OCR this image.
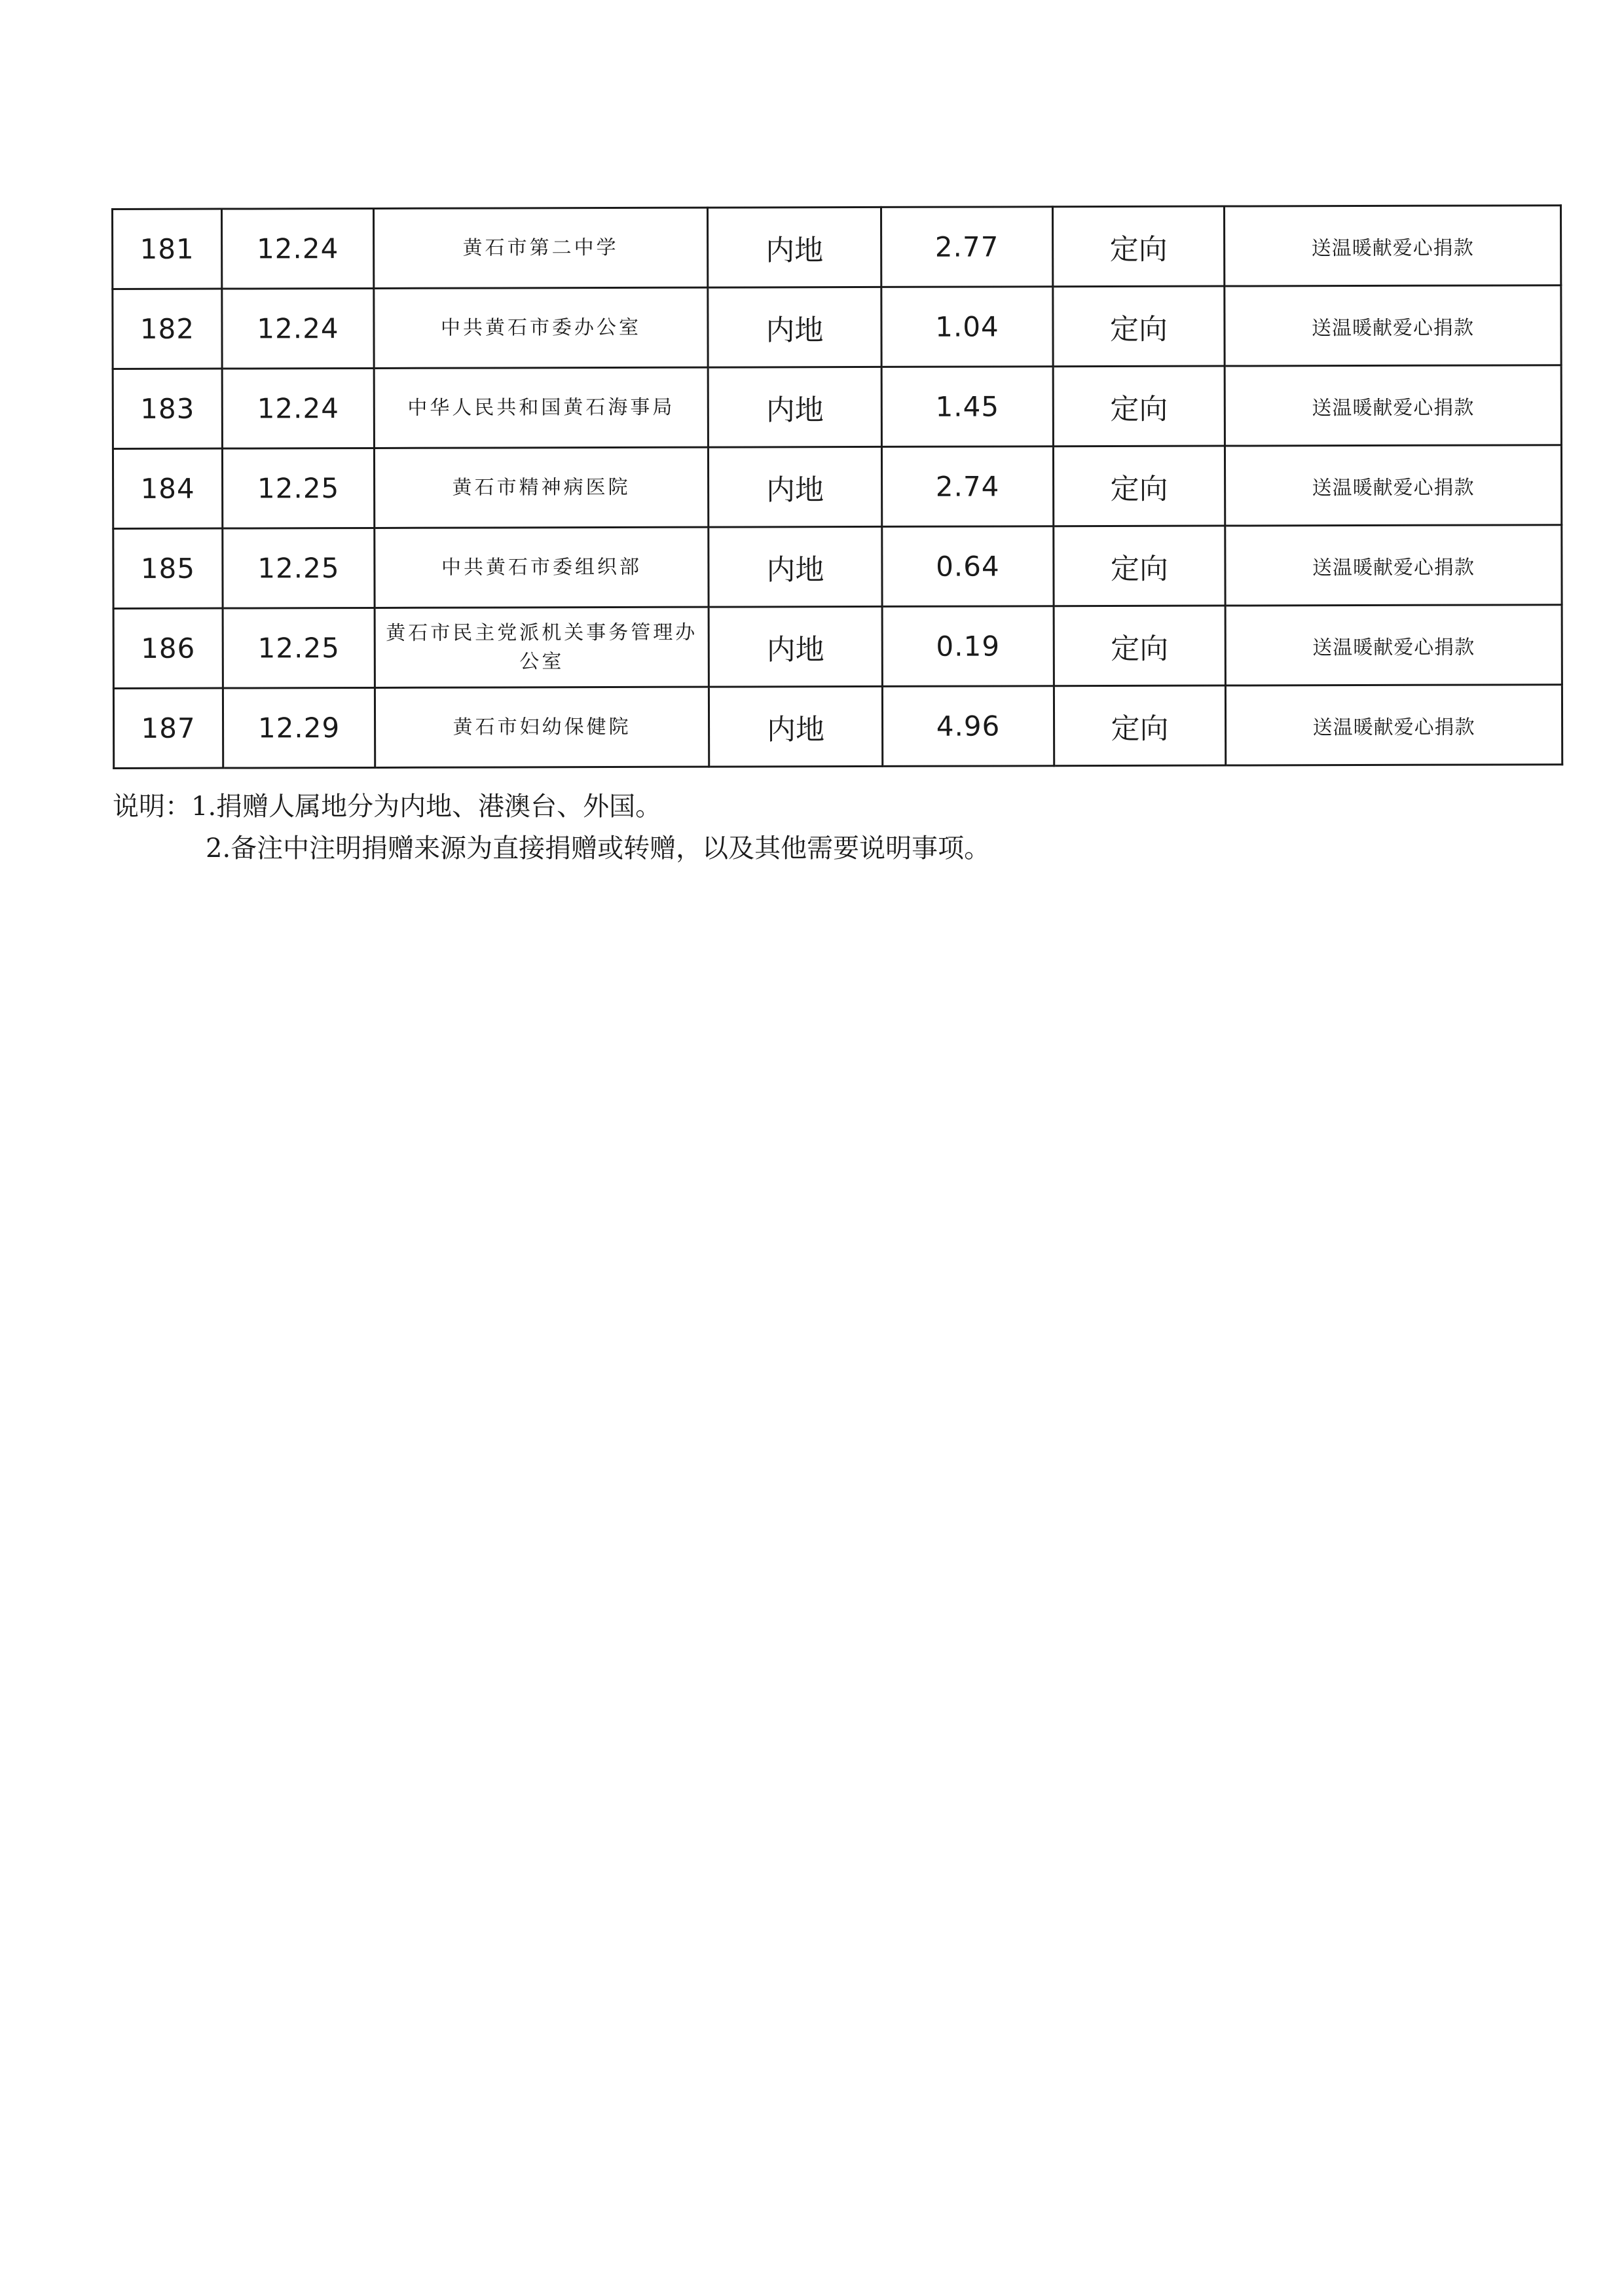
181	12.24	黄石市第二中学	内地	2.77	定向	送温暖献爱心捐款
182	12.24	中共黄石市委办公室	内地	1.04	定向	送温暖献爱心捐款
183	12.24	中华人民共和国黄石海事局	内地	1.45	定向	送温暖献爱心捐款
184	12.25	黄石市精神病医院	内地	2.74	定向	送温暖献爱心捐款
185	12.25	中共黄石市委组织部	内地	0.64	定向	送温暖献爱心捐款
186	12.25	黄石市民主党派机关事务管理办公室	内地	0.19	定向	送温暖献爱心捐款
187	12.29	黄石市妇幼保健院	内地	4.96	定向	送温暖献爱心捐款
说明： 1.捐赠人属地分为内地、港澳台、外国。
2.备注中注明捐赠来源为直接捐赠或转赠，以及其他需要说明事项。
